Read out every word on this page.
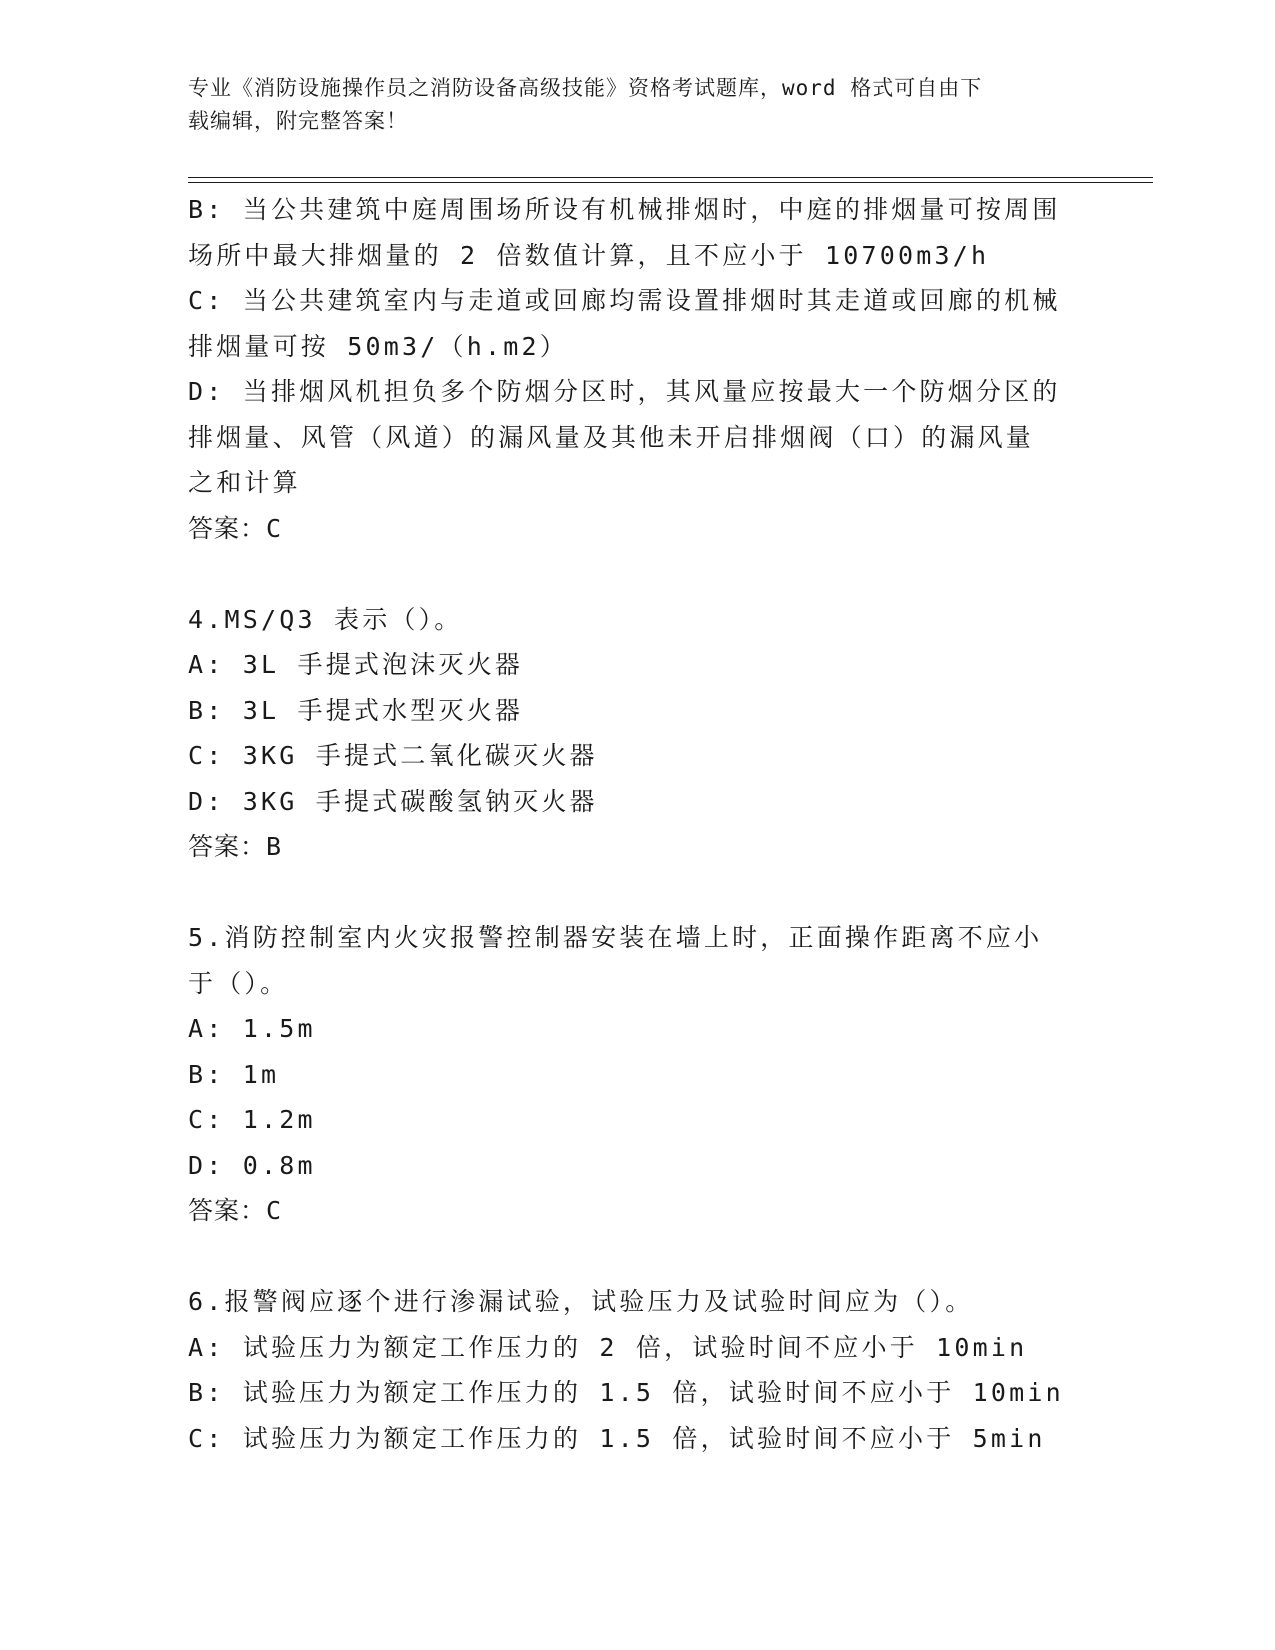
专业《消防设施操作员之消防设备高级技能》资格考试题库，word 格式可自由下
载编辑，附完整答案！
B: 当公共建筑中庭周围场所设有机械排烟时，中庭的排烟量可按周围
场所中最大排烟量的 2 倍数值计算，且不应小于 10700m3/h
C: 当公共建筑室内与走道或回廊均需设置排烟时其走道或回廊的机械
排烟量可按 50m3/（h.m2）
D: 当排烟风机担负多个防烟分区时，其风量应按最大一个防烟分区的
排烟量、风管（风道）的漏风量及其他未开启排烟阀（口）的漏风量
之和计算
答案：C
4.MS/Q3 表示（）。
A: 3L 手提式泡沫灭火器
B: 3L 手提式水型灭火器
C: 3KG 手提式二氧化碳灭火器
D: 3KG 手提式碳酸氢钠灭火器
答案：B
5.消防控制室内火灾报警控制器安装在墙上时，正面操作距离不应小
于（）。
A: 1.5m
B: 1m
C: 1.2m
D: 0.8m
答案：C
6.报警阀应逐个进行渗漏试验，试验压力及试验时间应为（）。
A: 试验压力为额定工作压力的 2 倍，试验时间不应小于 10min
B: 试验压力为额定工作压力的 1.5 倍，试验时间不应小于 10min
C: 试验压力为额定工作压力的 1.5 倍，试验时间不应小于 5min
